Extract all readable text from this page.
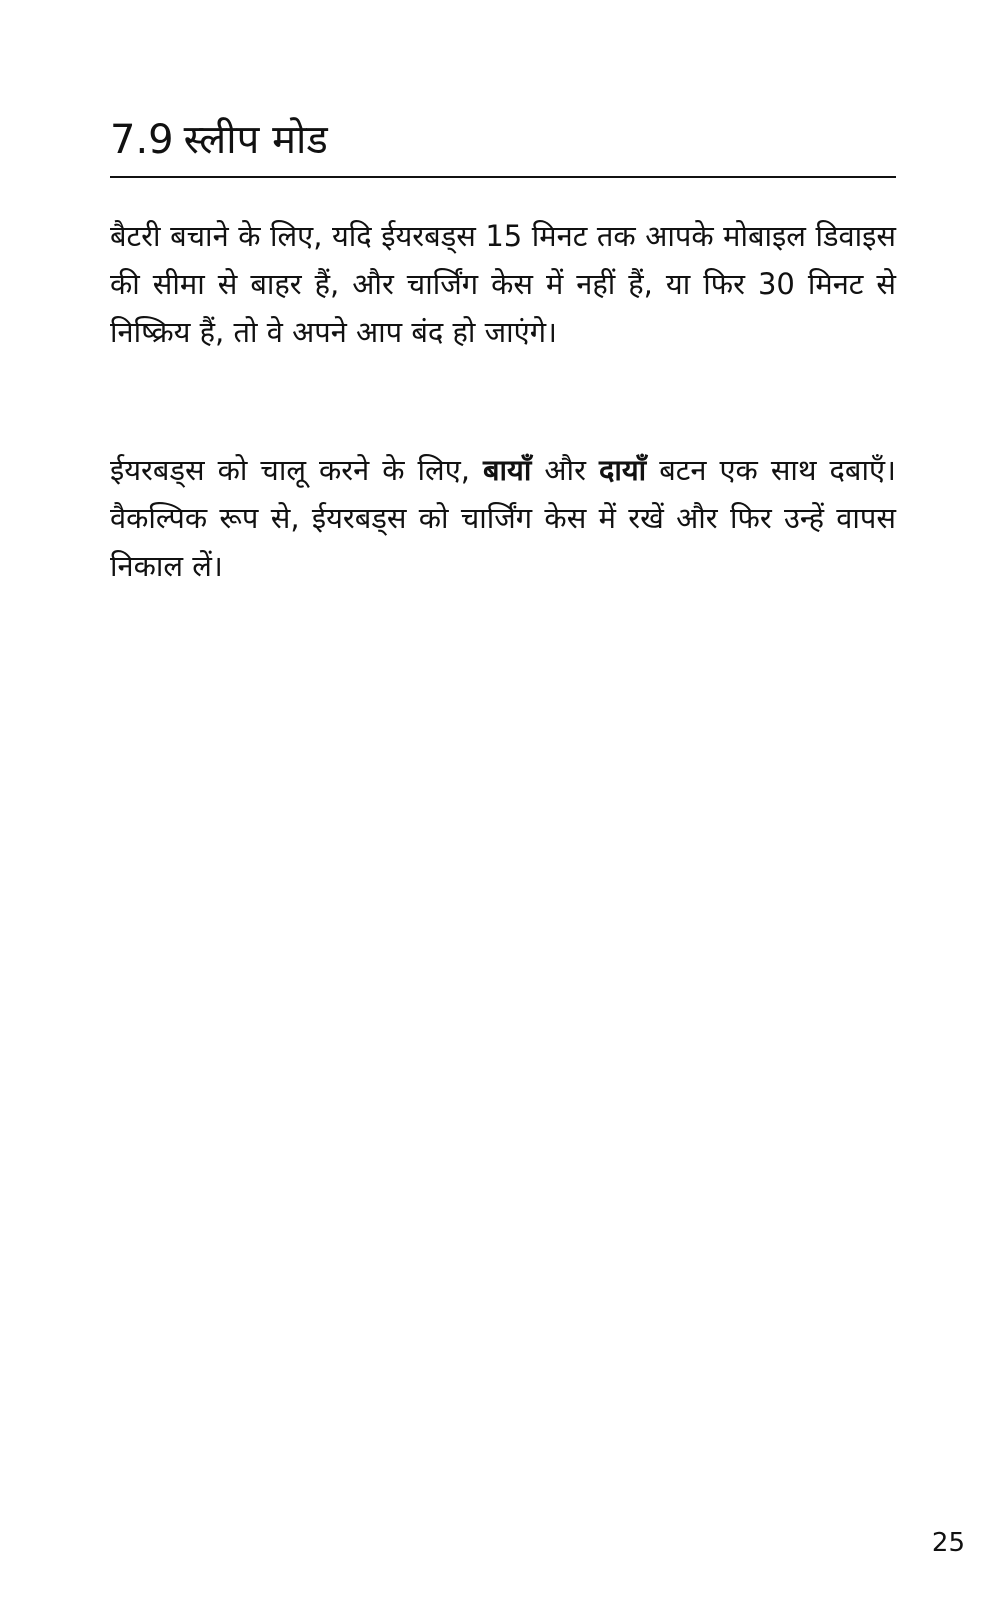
7.9 स्लीप मोड

बैटरी बचाने के लिए, यदि ईयरबड्स 15 मिनट तक आपके मोबाइल डिवाइस की सीमा से बाहर हैं, और चार्जिंग केस में नहीं हैं, या फिर 30 मिनट से निष्क्रिय हैं, तो वे अपने आप बंद हो जाएंगे।

ईयरबड्स को चालू करने के लिए, बायाँ और दायाँ बटन एक साथ दबाएँ। वैकल्पिक रूप से, ईयरबड्स को चार्जिंग केस में रखें और फिर उन्हें वापस निकाल लें।

25
